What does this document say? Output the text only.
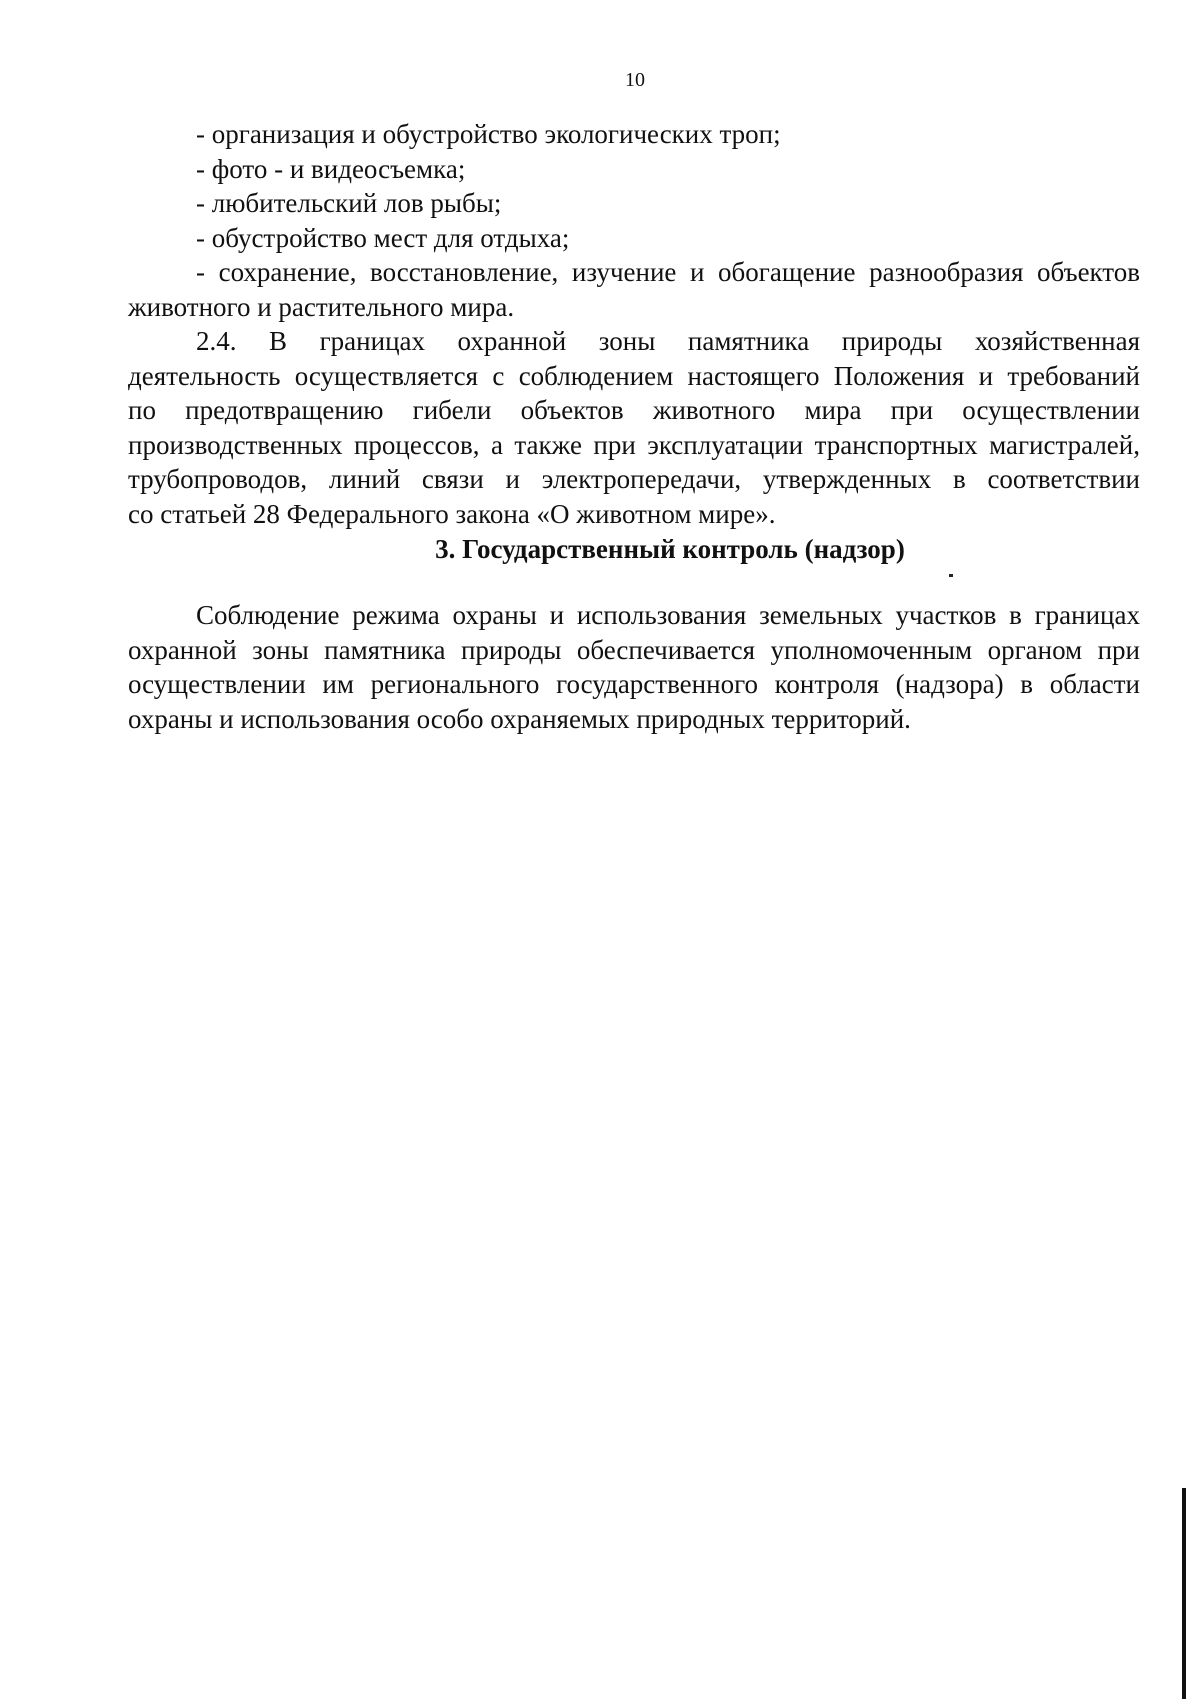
10
- организация и обустройство экологических троп;
- фото - и видеосъемка;
- любительский лов рыбы;
- обустройство мест для отдыха;
- сохранение, восстановление, изучение и обогащение разнообразия объектов
животного и растительного мира.
2.4. В границах охранной зоны памятника природы хозяйственная
деятельность осуществляется с соблюдением настоящего Положения и требований
по предотвращению гибели объектов животного мира при осуществлении
производственных процессов, а также при эксплуатации транспортных магистралей,
трубопроводов, линий связи и электропередачи, утвержденных в соответствии
со статьей 28 Федерального закона «О животном мире».
3. Государственный контроль (надзор)
Соблюдение режима охраны и использования земельных участков в границах
охранной зоны памятника природы обеспечивается уполномоченным органом при
осуществлении им регионального государственного контроля (надзора) в области
охраны и использования особо охраняемых природных территорий.
